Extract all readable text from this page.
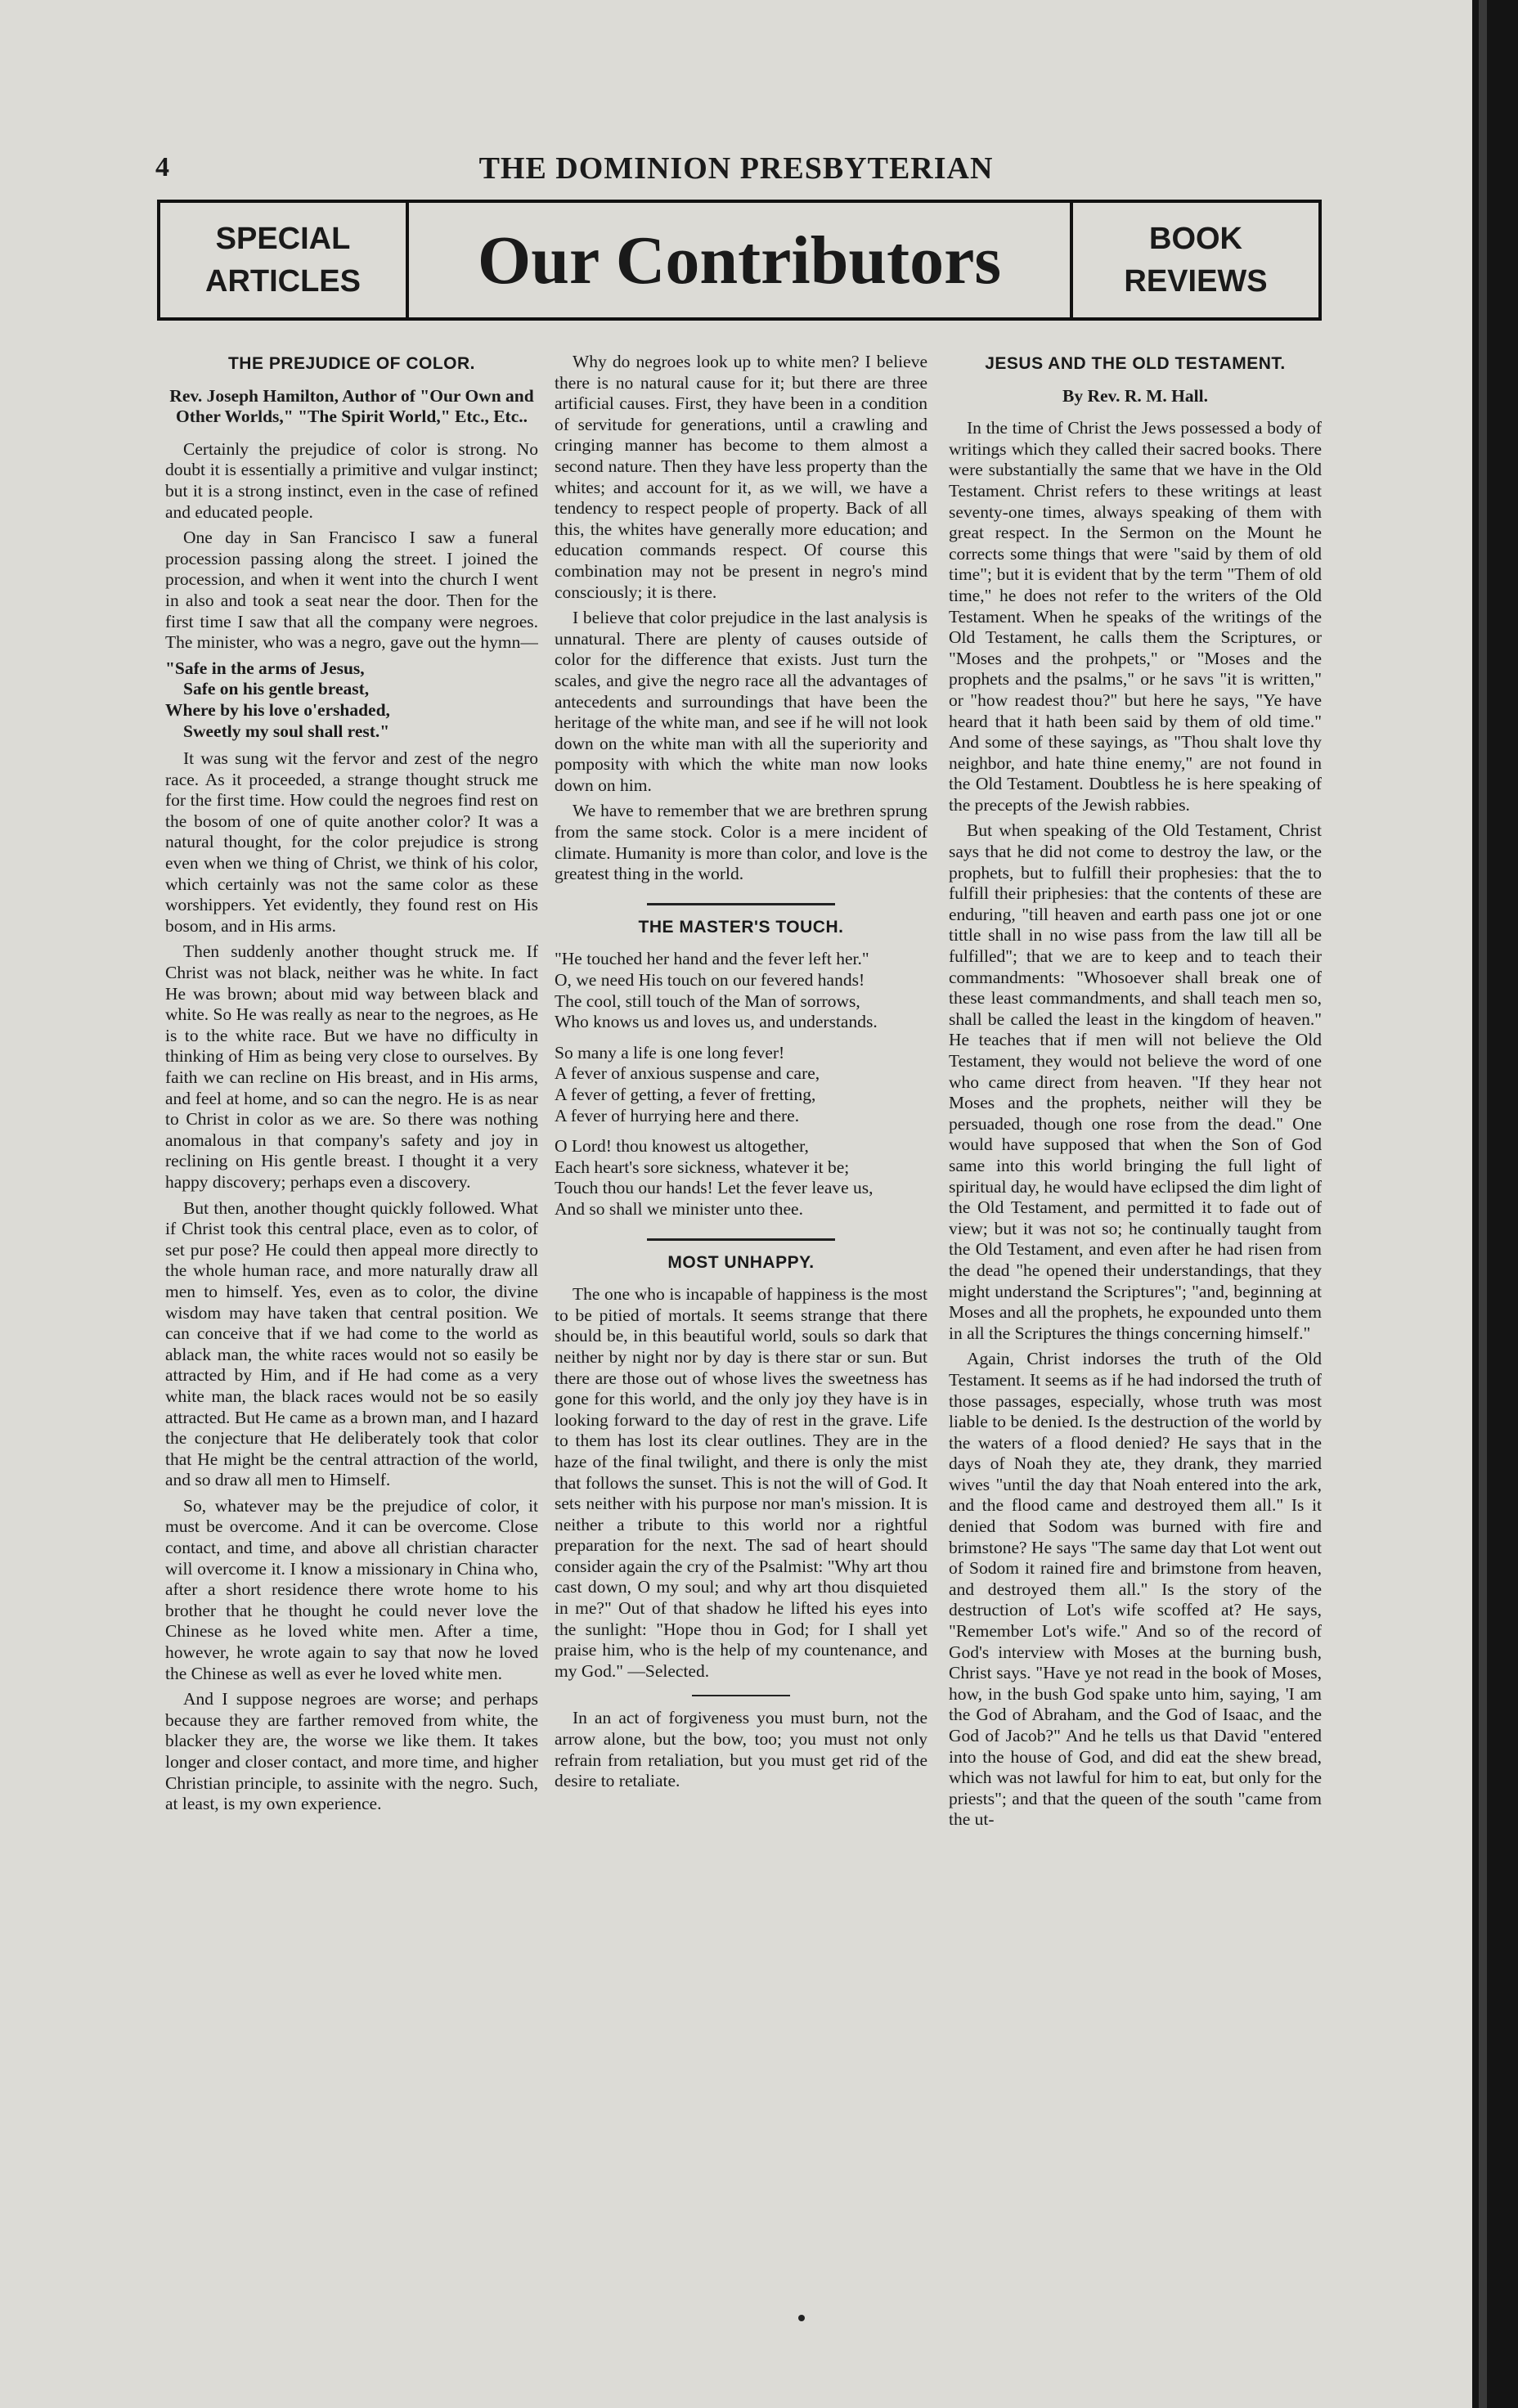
4	THE DOMINION PRESBYTERIAN
SPECIAL
ARTICLES	Our Contributors	BOOK
REVIEWS
THE PREJUDICE OF COLOR.
Rev. Joseph Hamilton, Author of "Our Own and Other Worlds," "The Spirit World," Etc., Etc..

Certainly the prejudice of color is strong. No doubt it is essentially a primitive and vulgar instinct; but it is a strong instinct, even in the case of refined and educated people.

One day in San Francisco I saw a funeral procession passing along the street. I joined the procession, and when it went into the church I went in also and took a seat near the door. Then for the first time I saw that all the company were negroes. The minister, who was a negro, gave out the hymn—

"Safe in the arms of Jesus,
Safe on his gentle breast,
Where by his love o'ershaded,
Sweetly my soul shall rest."

It was sung wit the fervor and zest of the negro race. As it proceeded, a strange thought struck me for the first time. How could the negroes find rest on the bosom of one of quite another color? It was a natural thought, for the color prejudice is strong even when we thing of Christ, we think of his color, which certainly was not the same color as these worshippers. Yet evidently, they found rest on His bosom, and in His arms.

Then suddenly another thought struck me. If Christ was not black, neither was he white. In fact He was brown; about mid way between black and white. So He was really as near to the negroes, as He is to the white race. But we have no difficulty in thinking of Him as being very close to ourselves. By faith we can recline on His breast, and in His arms, and feel at home, and so can the negro. He is as near to Christ in color as we are. So there was nothing anomalous in that company's safety and joy in reclining on His gentle breast. I thought it a very happy discovery; perhaps even a discovery.

But then, another thought quickly followed. What if Christ took this central place, even as to color, of set pur pose? He could then appeal more directly to the whole human race, and more naturally draw all men to himself. Yes, even as to color, the divine wisdom may have taken that central position. We can conceive that if we had come to the world as ablack man, the white races would not so easily be attracted by Him, and if He had come as a very white man, the black races would not be so easily attracted. But He came as a brown man, and I hazard the conjecture that He deliberately took that color that He might be the central attraction of the world, and so draw all men to Himself.

So, whatever may be the prejudice of color, it must be overcome. And it can be overcome. Close contact, and time, and above all christian character will overcome it. I know a missionary in China who, after a short residence there wrote home to his brother that he thought he could never love the Chinese as he loved white men. After a time, however, he wrote again to say that now he loved the Chinese as well as ever he loved white men.

And I suppose negroes are worse; and perhaps because they are farther removed from white, the blacker they are, the worse we like them. It takes longer and closer contact, and more time, and higher Christian principle, to assinite with the negro. Such, at least, is my own experience.

Why do negroes look up to white men? I believe there is no natural cause for it; but there are three artificial causes. First, they have been in a condition of servitude for generations, until a crawling and cringing manner has become to them almost a second nature. Then they have less property than the whites; and account for it, as we will, we have a tendency to respect people of property. Back of all this, the whites have generally more education; and education commands respect. Of course this combination may not be present in negro's mind consciously; it is there.

I believe that color prejudice in the last analysis is unnatural. There are plenty of causes outside of color for the difference that exists. Just turn the scales, and give the negro race all the advantages of antecedents and surroundings that have been the heritage of the white man, and see if he will not look down on the white man with all the superiority and pomposity with which the white man now looks down on him.

We have to remember that we are brethren sprung from the same stock. Color is a mere incident of climate. Humanity is more than color, and love is the greatest thing in the world.

THE MASTER'S TOUCH.
"He touched her hand and the fever left her."
O, we need His touch on our fevered hands!
The cool, still touch of the Man of sorrows,
Who knows us and loves us, and understands.
So many a life is one long fever!
A fever of anxious suspense and care,
A fever of getting, a fever of fretting,
A fever of hurrying here and there.
O Lord! thou knowest us altogether,
Each heart's sore sickness, whatever it be;
Touch thou our hands! Let the fever leave us,
And so shall we minister unto thee.
MOST UNHAPPY.

The one who is incapable of happiness is the most to be pitied of mortals. It seems strange that there should be, in this beautiful world, souls so dark that neither by night nor by day is there star or sun. But there are those out of whose lives the sweetness has gone for this world, and the only joy they have is in looking forward to the day of rest in the grave. Life to them has lost its clear outlines. They are in the haze of the final twilight, and there is only the mist that follows the sunset. This is not the will of God. It sets neither with his purpose nor man's mission. It is neither a tribute to this world nor a rightful preparation for the next. The sad of heart should consider again the cry of the Psalmist: "Why art thou cast down, O my soul; and why art thou disquieted in me?" Out of that shadow he lifted his eyes into the sunlight: "Hope thou in God; for I shall yet praise him, who is the help of my countenance, and my God." —Selected.

In an act of forgiveness you must burn, not the arrow alone, but the bow, too; you must not only refrain from retaliation, but you must get rid of the desire to retaliate.

JESUS AND THE OLD TESTAMENT.
By Rev. R. M. Hall.

In the time of Christ the Jews possessed a body of writings which they called their sacred books. There were substantially the same that we have in the Old Testament. Christ refers to these writings at least seventy-one times, always speaking of them with great respect. In the Sermon on the Mount he corrects some things that were "said by them of old time"; but it is evident that by the term "Them of old time," he does not refer to the writers of the Old Testament. When he speaks of the writings of the Old Testament, he calls them the Scriptures, or "Moses and the prohpets," or "Moses and the prophets and the psalms," or he savs "it is written," or "how readest thou?" but here he says, "Ye have heard that it hath been said by them of old time." And some of these sayings, as "Thou shalt love thy neighbor, and hate thine enemy," are not found in the Old Testament. Doubtless he is here speaking of the precepts of the Jewish rabbies.

But when speaking of the Old Testament, Christ says that he did not come to destroy the law, or the prophets, but to fulfill their prophesies: that the to fulfill their priphesies: that the contents of these are enduring, "till heaven and earth pass one jot or one tittle shall in no wise pass from the law till all be fulfilled"; that we are to keep and to teach their commandments: "Whosoever shall break one of these least commandments, and shall teach men so, shall be called the least in the kingdom of heaven." He teaches that if men will not believe the Old Testament, they would not believe the word of one who came direct from heaven. "If they hear not Moses and the prophets, neither will they be persuaded, though one rose from the dead." One would have supposed that when the Son of God same into this world bringing the full light of spiritual day, he would have eclipsed the dim light of the Old Testament, and permitted it to fade out of view; but it was not so; he continually taught from the Old Testament, and even after he had risen from the dead "he opened their understandings, that they might understand the Scriptures"; "and, beginning at Moses and all the prophets, he expounded unto them in all the Scriptures the things concerning himself."

Again, Christ indorses the truth of the Old Testament. It seems as if he had indorsed the truth of those passages, especially, whose truth was most liable to be denied. Is the destruction of the world by the waters of a flood denied? He says that in the days of Noah they ate, they drank, they married wives "until the day that Noah entered into the ark, and the flood came and destroyed them all." Is it denied that Sodom was burned with fire and brimstone? He says "The same day that Lot went out of Sodom it rained fire and brimstone from heaven, and destroyed them all." Is the story of the destruction of Lot's wife scoffed at? He says, "Remember Lot's wife." And so of the record of God's interview with Moses at the burning bush, Christ says. "Have ye not read in the book of Moses, how, in the bush God spake unto him, saying, 'I am the God of Abraham, and the God of Isaac, and the God of Jacob?" And he tells us that David "entered into the house of God, and did eat the shew bread, which was not lawful for him to eat, but only for the priests"; and that the queen of the south "came from the ut-
